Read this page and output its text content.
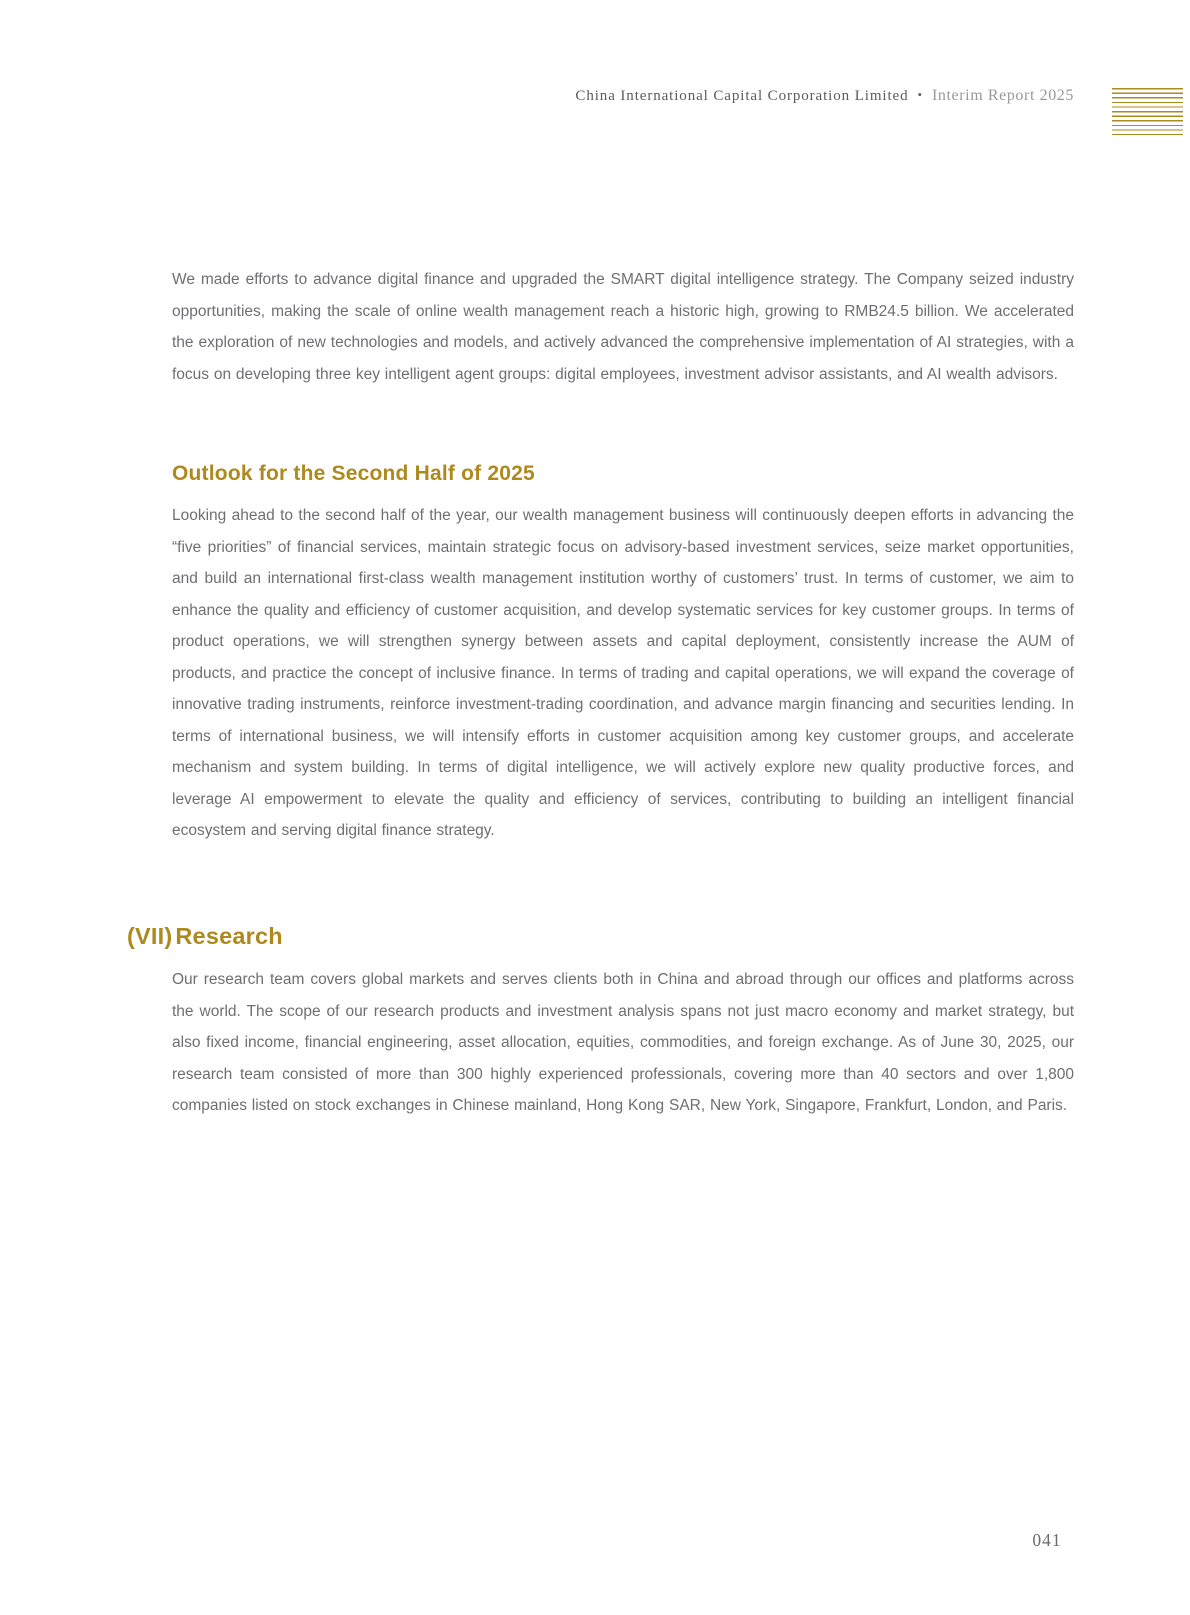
China International Capital Corporation Limited • Interim Report 2025

We made efforts to advance digital finance and upgraded the SMART digital intelligence strategy. The Company seized industry opportunities, making the scale of online wealth management reach a historic high, growing to RMB24.5 billion. We accelerated the exploration of new technologies and models, and actively advanced the comprehensive implementation of AI strategies, with a focus on developing three key intelligent agent groups: digital employees, investment advisor assistants, and AI wealth advisors.

Outlook for the Second Half of 2025

Looking ahead to the second half of the year, our wealth management business will continuously deepen efforts in advancing the “five priorities” of financial services, maintain strategic focus on advisory-based investment services, seize market opportunities, and build an international first-class wealth management institution worthy of customers’ trust. In terms of customer, we aim to enhance the quality and efficiency of customer acquisition, and develop systematic services for key customer groups. In terms of product operations, we will strengthen synergy between assets and capital deployment, consistently increase the AUM of products, and practice the concept of inclusive finance. In terms of trading and capital operations, we will expand the coverage of innovative trading instruments, reinforce investment-trading coordination, and advance margin financing and securities lending. In terms of international business, we will intensify efforts in customer acquisition among key customer groups, and accelerate mechanism and system building. In terms of digital intelligence, we will actively explore new quality productive forces, and leverage AI empowerment to elevate the quality and efficiency of services, contributing to building an intelligent financial ecosystem and serving digital finance strategy.

(VII) Research

Our research team covers global markets and serves clients both in China and abroad through our offices and platforms across the world. The scope of our research products and investment analysis spans not just macro economy and market strategy, but also fixed income, financial engineering, asset allocation, equities, commodities, and foreign exchange. As of June 30, 2025, our research team consisted of more than 300 highly experienced professionals, covering more than 40 sectors and over 1,800 companies listed on stock exchanges in Chinese mainland, Hong Kong SAR, New York, Singapore, Frankfurt, London, and Paris.

041
